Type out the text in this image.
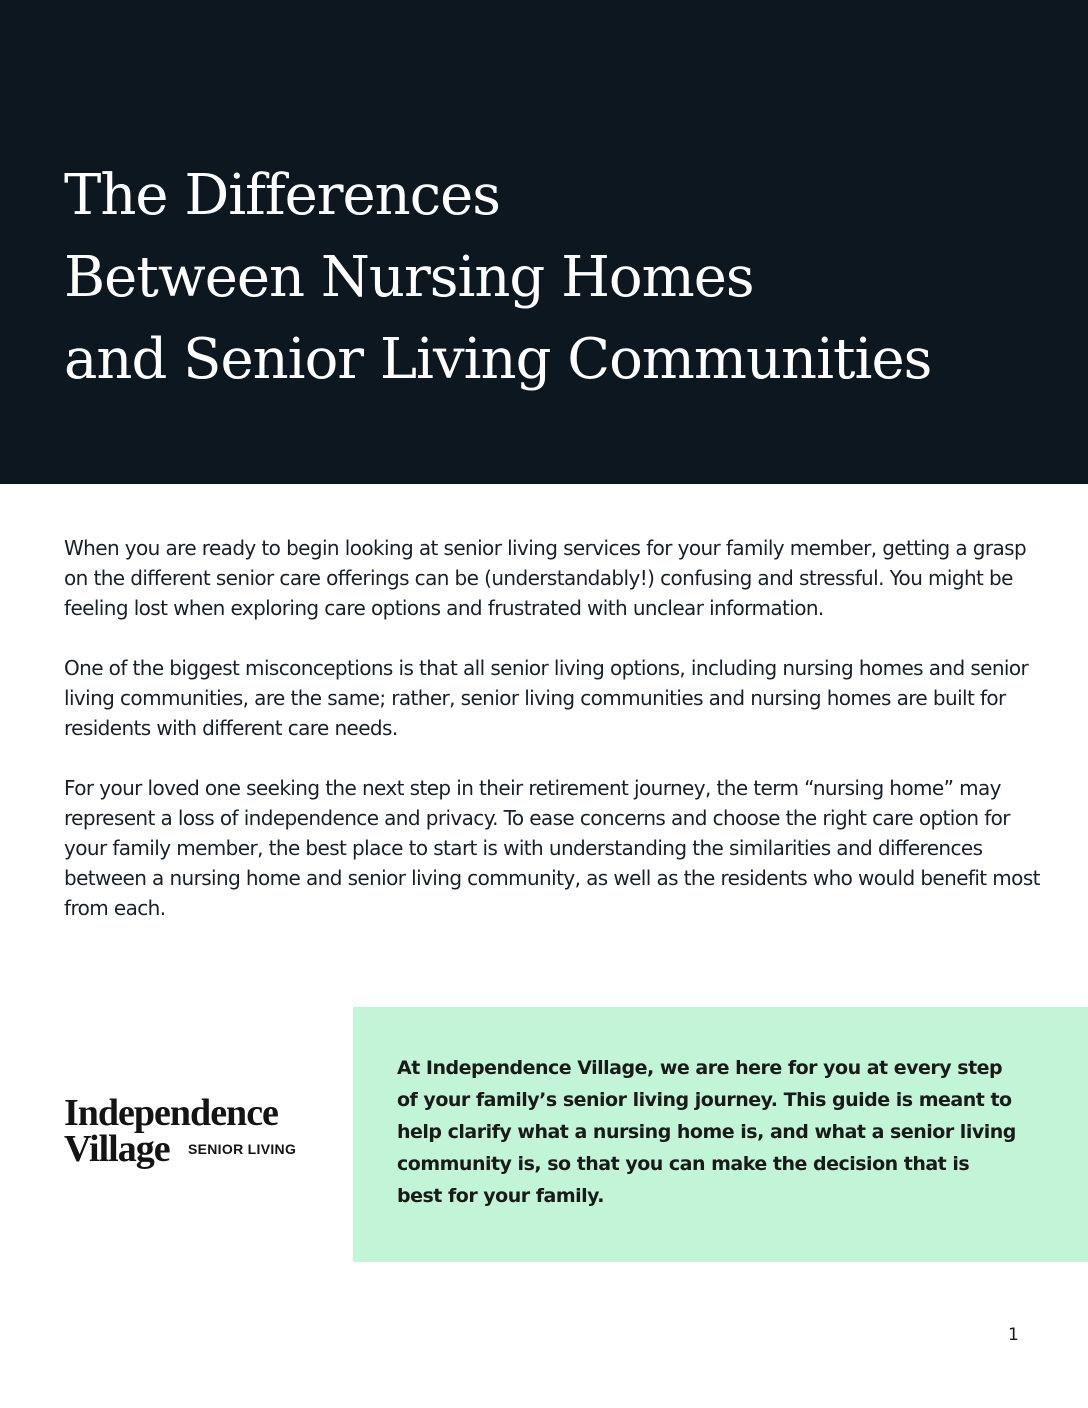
The Differences
Between Nursing Homes
and Senior Living Communities

When you are ready to begin looking at senior living services for your family member, getting a grasp on the different senior care offerings can be (understandably!) confusing and stressful. You might be feeling lost when exploring care options and frustrated with unclear information.

One of the biggest misconceptions is that all senior living options, including nursing homes and senior living communities, are the same; rather, senior living communities and nursing homes are built for residents with different care needs.

For your loved one seeking the next step in their retirement journey, the term “nursing home” may represent a loss of independence and privacy. To ease concerns and choose the right care option for your family member, the best place to start is with understanding the similarities and differences between a nursing home and senior living community, as well as the residents who would benefit most from each.

Independence
Village SENIOR LIVING

At Independence Village, we are here for you at every step of your family’s senior living journey. This guide is meant to help clarify what a nursing home is, and what a senior living community is, so that you can make the decision that is best for your family.

1
